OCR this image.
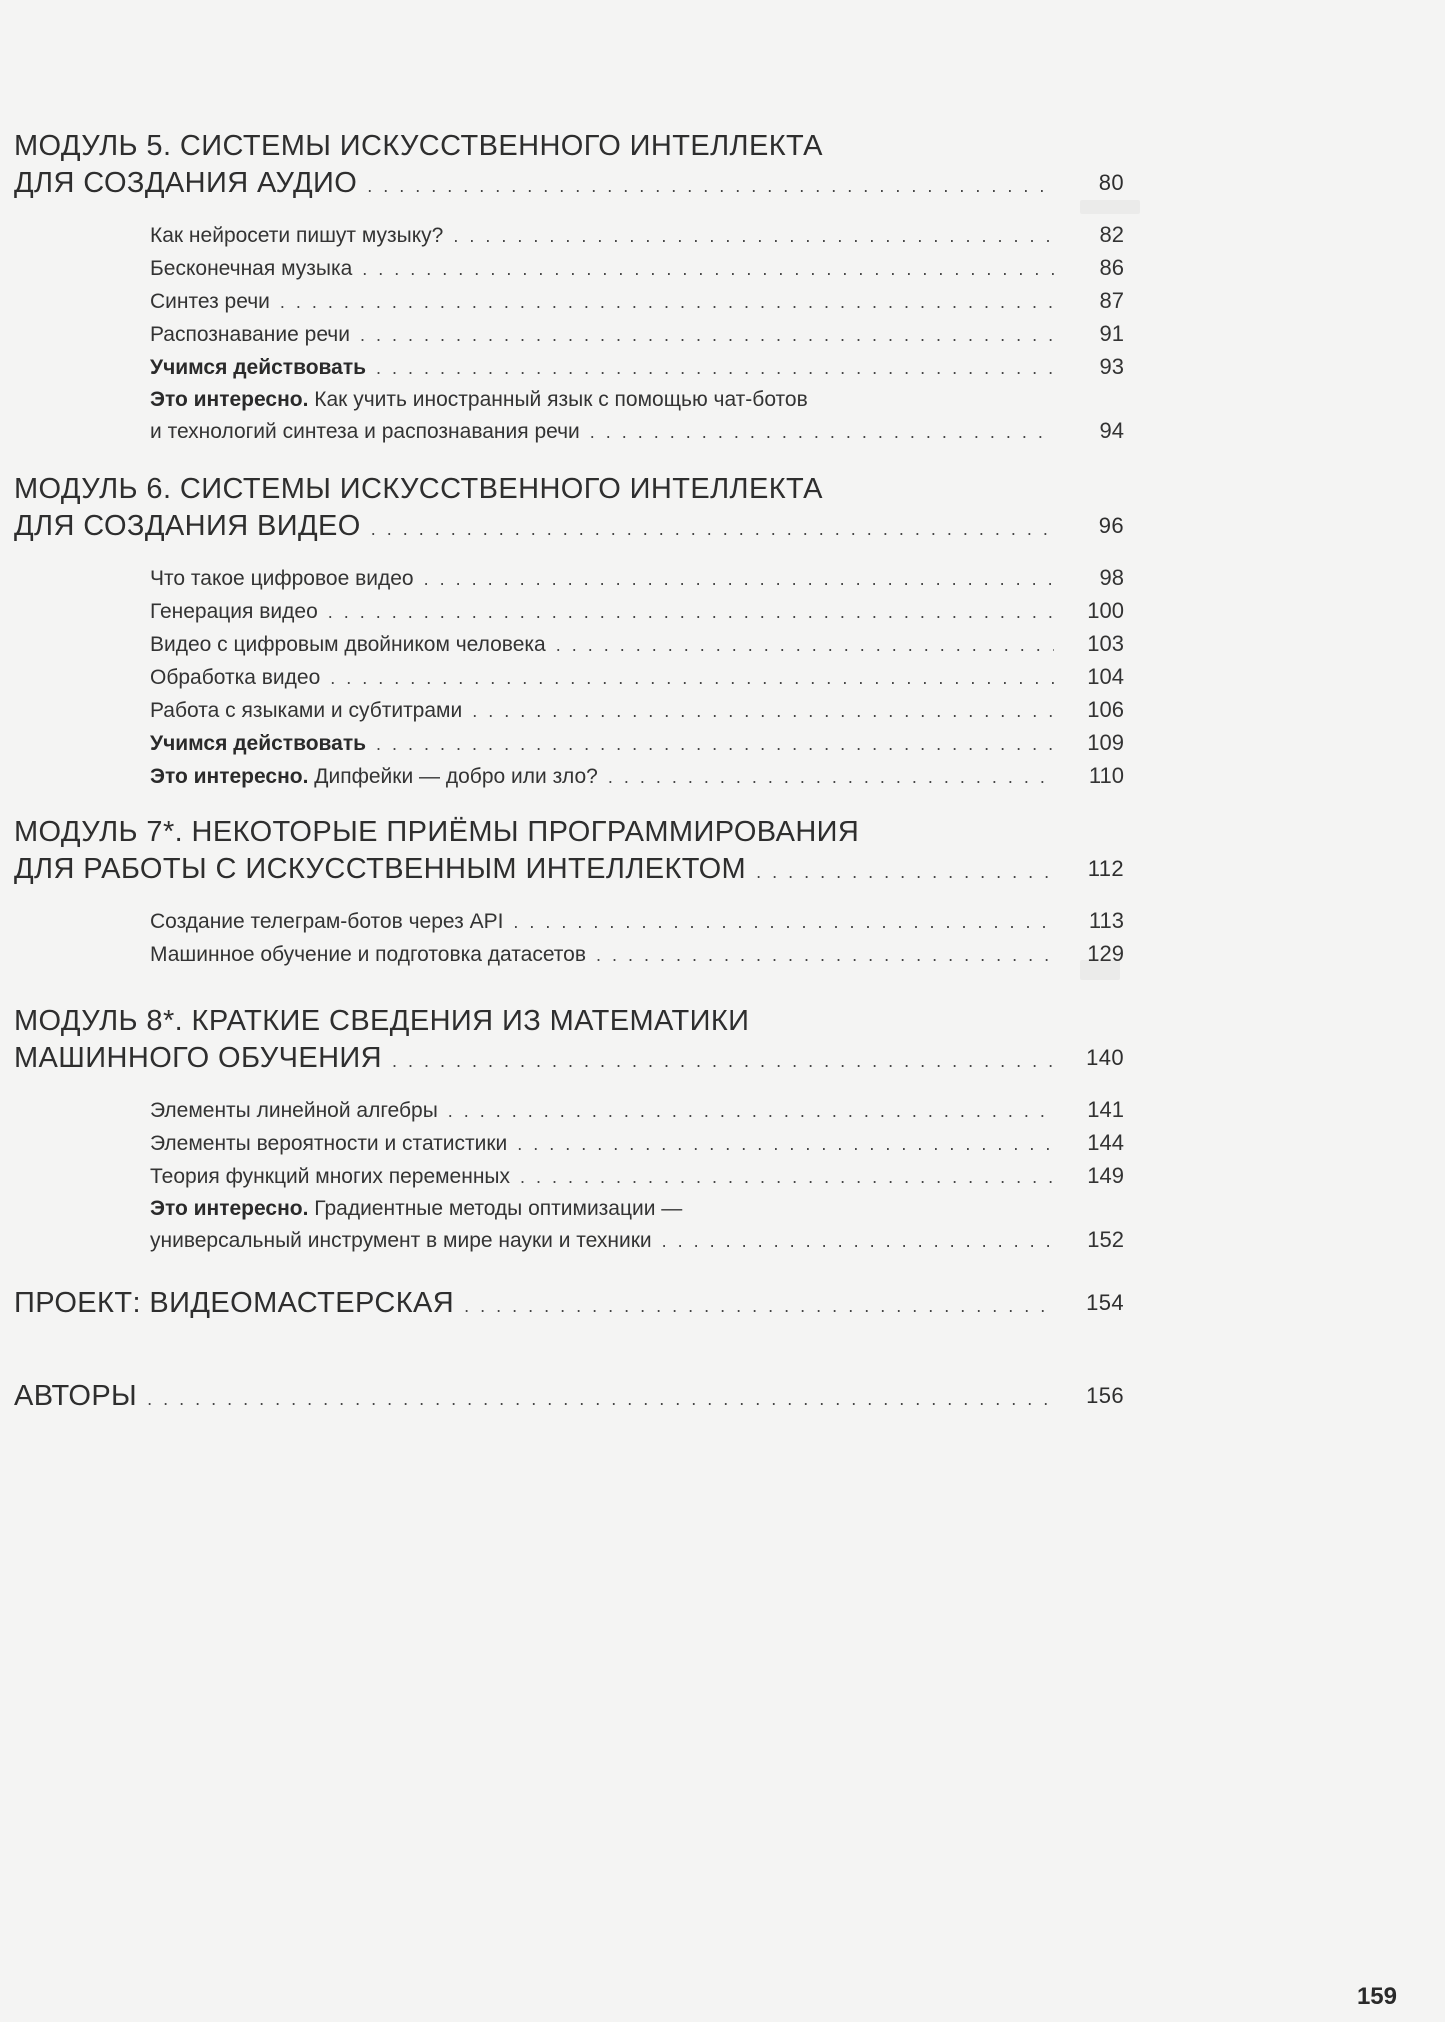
МОДУЛЬ 5. СИСТЕМЫ ИСКУССТВЕННОГО ИНТЕЛЛЕКТА
ДЛЯ СОЗДАНИЯ АУДИО . . .	80
Как нейросети пишут музыку? . . .	82
Бесконечная музыка . . .	86
Синтез речи . . .	87
Распознавание речи . . .	91
Учимся действовать . . .	93
Это интересно. Как учить иностранный язык с помощью чат-ботов
и технологий синтеза и распознавания речи . . .	94
МОДУЛЬ 6. СИСТЕМЫ ИСКУССТВЕННОГО ИНТЕЛЛЕКТА
ДЛЯ СОЗДАНИЯ ВИДЕО . . .	96
Что такое цифровое видео . . .	98
Генерация видео . . .	100
Видео с цифровым двойником человека . . .	103
Обработка видео . . .	104
Работа с языками и субтитрами . . .	106
Учимся действовать . . .	109
Это интересно. Дипфейки — добро или зло? . . .	110
МОДУЛЬ 7*. НЕКОТОРЫЕ ПРИЁМЫ ПРОГРАММИРОВАНИЯ
ДЛЯ РАБОТЫ С ИСКУССТВЕННЫМ ИНТЕЛЛЕКТОМ . . .	112
Создание телеграм-ботов через API . . .	113
Машинное обучение и подготовка датасетов . . .	129
МОДУЛЬ 8*. КРАТКИЕ СВЕДЕНИЯ ИЗ МАТЕМАТИКИ
МАШИННОГО ОБУЧЕНИЯ . . .	140
Элементы линейной алгебры . . .	141
Элементы вероятности и статистики . . .	144
Теория функций многих переменных . . .	149
Это интересно. Градиентные методы оптимизации —
универсальный инструмент в мире науки и техники . . .	152
ПРОЕКТ: ВИДЕОМАСТЕРСКАЯ . . .	154
АВТОРЫ . . .	156
159
